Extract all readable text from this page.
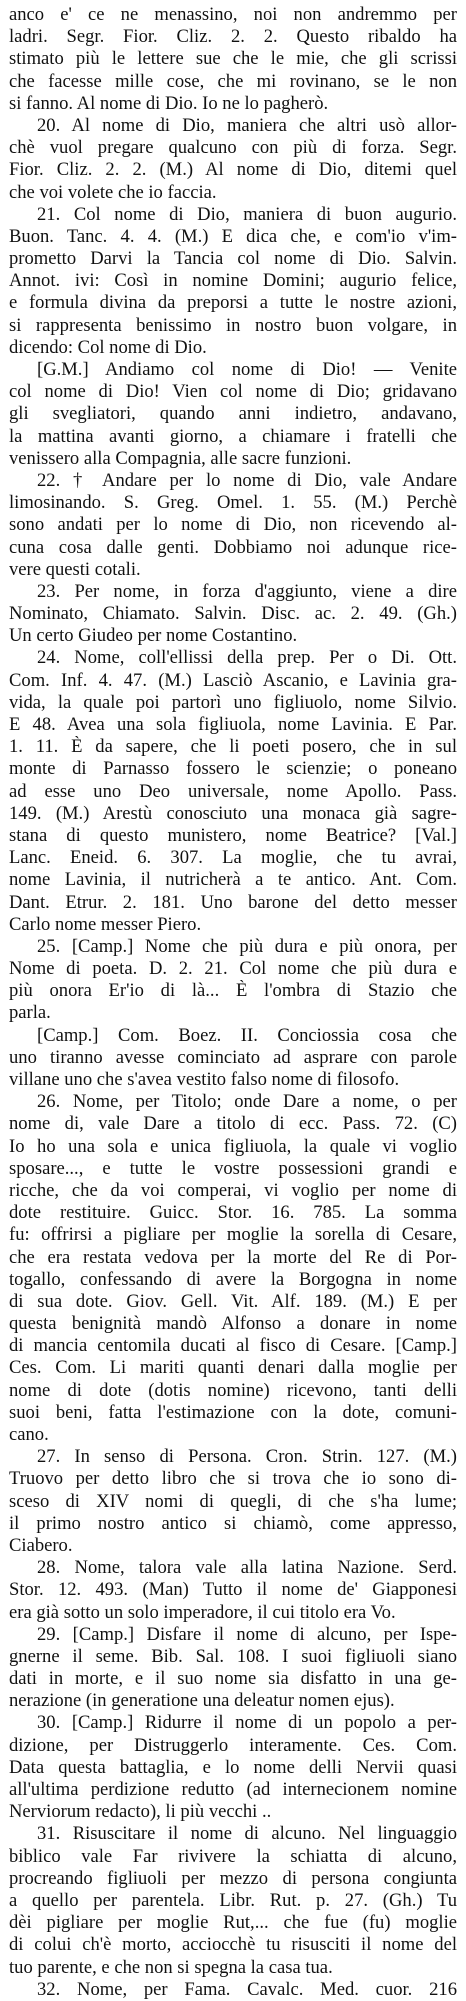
anco e' ce ne menassino, noi non andremmo per
ladri. Segr. Fior. Cliz. 2. 2. Questo ribaldo ha
stimato più le lettere sue che le mie, che gli scrissi
che facesse mille cose, che mi rovinano, se le non
si fanno. Al nome di Dio. Io ne lo pagherò.
20. Al nome di Dio, maniera che altri usò allor-
chè vuol pregare qualcuno con più di forza. Segr.
Fior. Cliz. 2. 2. (M.) Al nome di Dio, ditemi quel
che voi volete che io faccia.
21. Col nome di Dio, maniera di buon augurio.
Buon. Tanc. 4. 4. (M.) E dica che, e com'io v'im-
prometto Darvi la Tancia col nome di Dio. Salvin.
Annot. ivi: Così in nomine Domini; augurio felice,
e formula divina da preporsi a tutte le nostre azioni,
si rappresenta benissimo in nostro buon volgare, in
dicendo: Col nome di Dio.
[G.M.] Andiamo col nome di Dio! — Venite
col nome di Dio! Vien col nome di Dio; gridavano
gli svegliatori, quando anni indietro, andavano,
la mattina avanti giorno, a chiamare i fratelli che
venissero alla Compagnia, alle sacre funzioni.
22. † Andare per lo nome di Dio, vale Andare
limosinando. S. Greg. Omel. 1. 55. (M.) Perchè
sono andati per lo nome di Dio, non ricevendo al-
cuna cosa dalle genti. Dobbiamo noi adunque rice-
vere questi cotali.
23. Per nome, in forza d'aggiunto, viene a dire
Nominato, Chiamato. Salvin. Disc. ac. 2. 49. (Gh.)
Un certo Giudeo per nome Costantino.
24. Nome, coll'ellissi della prep. Per o Di. Ott.
Com. Inf. 4. 47. (M.) Lasciò Ascanio, e Lavinia gra-
vida, la quale poi partorì uno figliuolo, nome Silvio.
E 48. Avea una sola figliuola, nome Lavinia. E Par.
1. 11. È da sapere, che li poeti posero, che in sul
monte di Parnasso fossero le scienzie; o poneano
ad esse uno Deo universale, nome Apollo. Pass.
149. (M.) Arestù conosciuto una monaca già sagre-
stana di questo munistero, nome Beatrice? [Val.]
Lanc. Eneid. 6. 307. La moglie, che tu avrai,
nome Lavinia, il nutricherà a te antico. Ant. Com.
Dant. Etrur. 2. 181. Uno barone del detto messer
Carlo nome messer Piero.
25. [Camp.] Nome che più dura e più onora, per
Nome di poeta. D. 2. 21. Col nome che più dura e
più onora Er'io di là... È l'ombra di Stazio che
parla.
[Camp.] Com. Boez. II. Conciossia cosa che
uno tiranno avesse cominciato ad asprare con parole
villane uno che s'avea vestito falso nome di filosofo.
26. Nome, per Titolo; onde Dare a nome, o per
nome di, vale Dare a titolo di ecc. Pass. 72. (C)
Io ho una sola e unica figliuola, la quale vi voglio
sposare..., e tutte le vostre possessioni grandi e
ricche, che da voi comperai, vi voglio per nome di
dote restituire. Guicc. Stor. 16. 785. La somma
fu: offrirsi a pigliare per moglie la sorella di Cesare,
che era restata vedova per la morte del Re di Por-
togallo, confessando di avere la Borgogna in nome
di sua dote. Giov. Gell. Vit. Alf. 189. (M.) E per
questa benignità mandò Alfonso a donare in nome
di mancia centomila ducati al fisco di Cesare. [Camp.]
Ces. Com. Li mariti quanti denari dalla moglie per
nome di dote (dotis nomine) ricevono, tanti delli
suoi beni, fatta l'estimazione con la dote, comuni-
cano.
27. In senso di Persona. Cron. Strin. 127. (M.)
Truovo per detto libro che si trova che io sono di-
sceso di XIV nomi di quegli, di che s'ha lume;
il primo nostro antico si chiamò, come appresso,
Ciabero.
28. Nome, talora vale alla latina Nazione. Serd.
Stor. 12. 493. (Man) Tutto il nome de' Giapponesi
era già sotto un solo imperadore, il cui titolo era Vo.
29. [Camp.] Disfare il nome di alcuno, per Ispe-
gnerne il seme. Bib. Sal. 108. I suoi figliuoli siano
dati in morte, e il suo nome sia disfatto in una ge-
nerazione (in generatione una deleatur nomen ejus).
30. [Camp.] Ridurre il nome di un popolo a per-
dizione, per Distruggerlo interamente. Ces. Com.
Data questa battaglia, e lo nome delli Nervii quasi
all'ultima perdizione redutto (ad internecionem nomine
Nerviorum redacto), li più vecchi ..
31. Risuscitare il nome di alcuno. Nel linguaggio
biblico vale Far rivivere la schiatta di alcuno,
procreando figliuoli per mezzo di persona congiunta
a quello per parentela. Libr. Rut. p. 27. (Gh.) Tu
dèi pigliare per moglie Rut,... che fue (fu) moglie
di colui ch'è morto, acciocchè tu risusciti il nome del
tuo parente, e che non si spegna la casa tua.
32. Nome, per Fama. Cavalc. Med. cuor. 216
